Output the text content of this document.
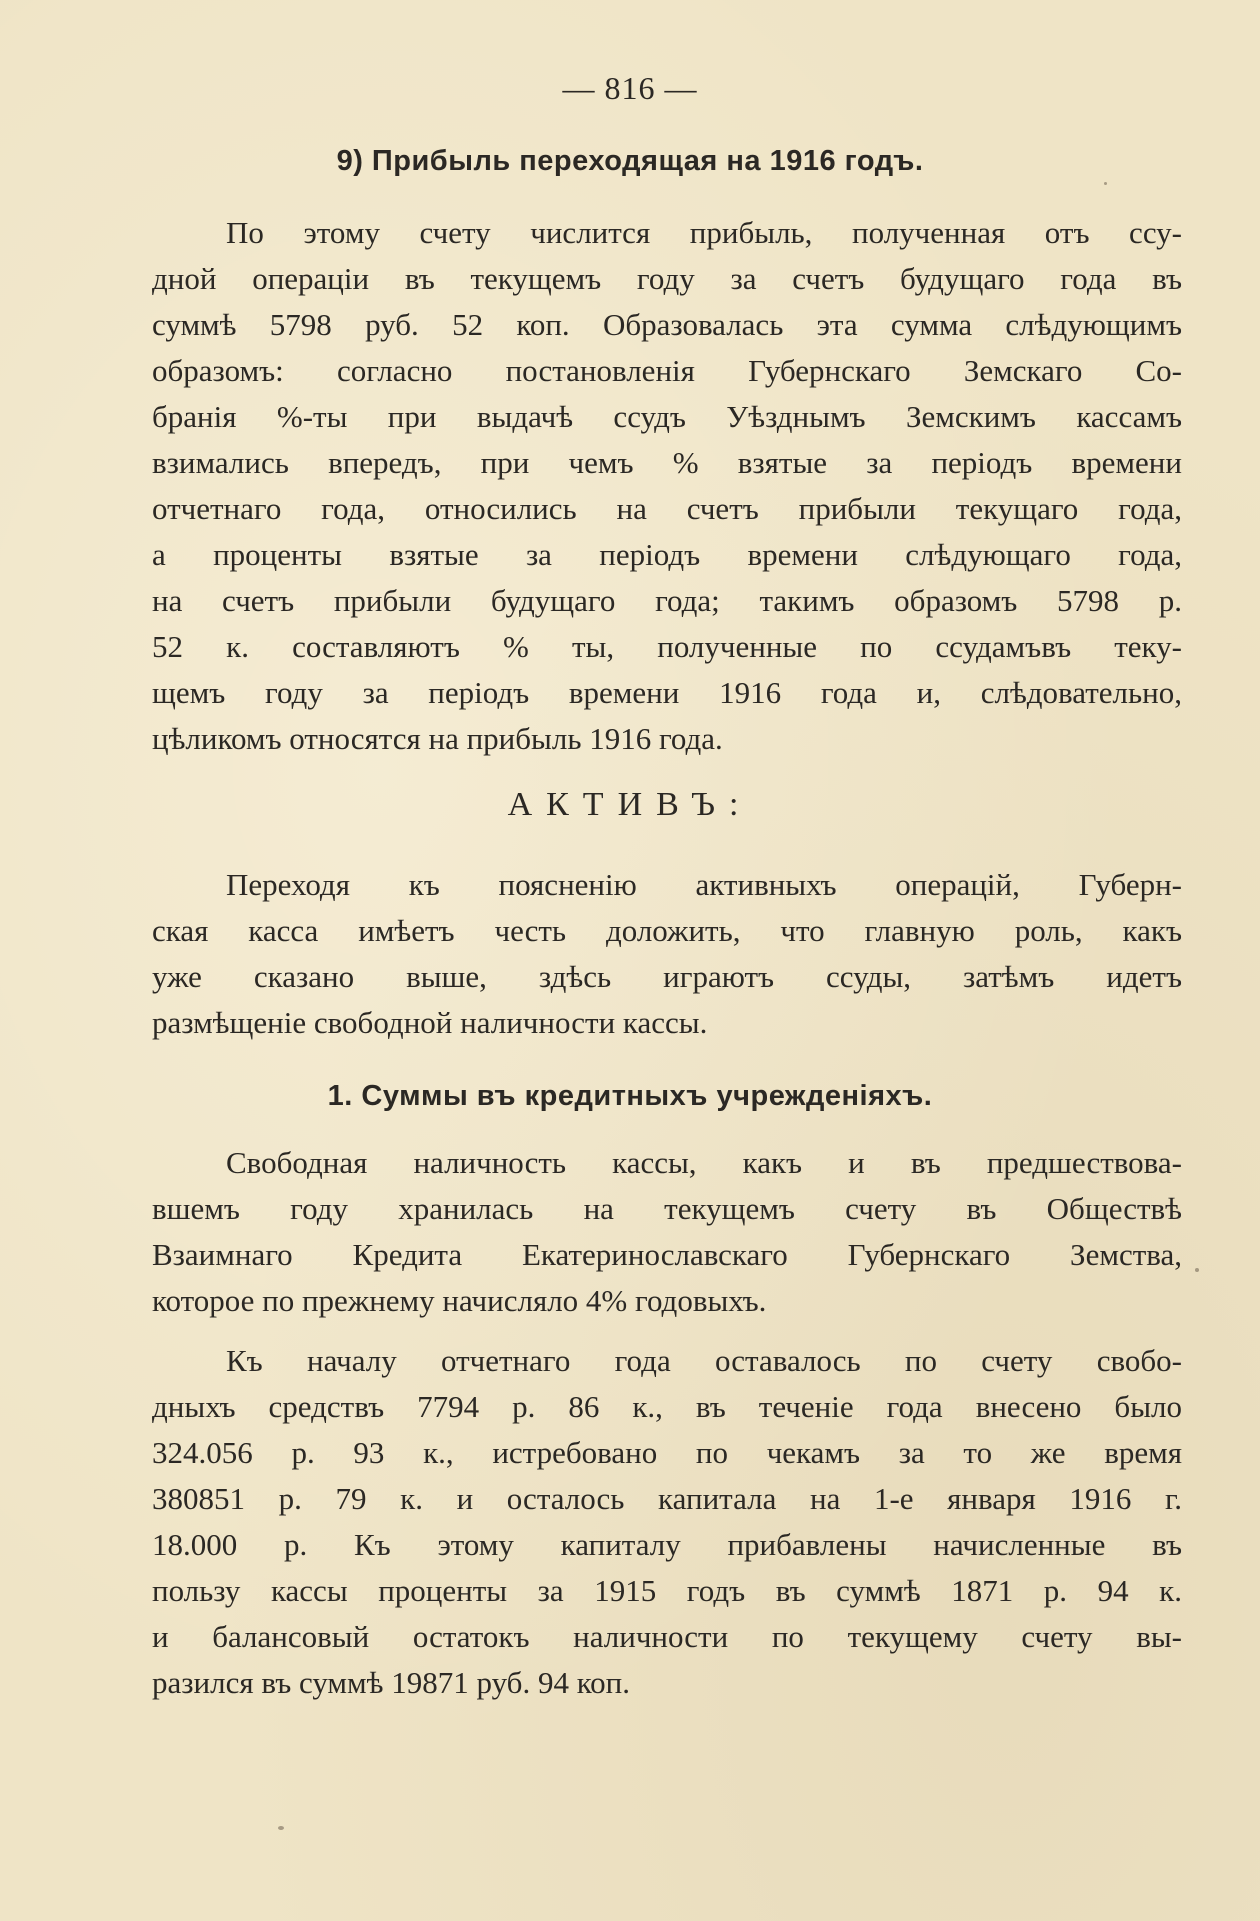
— 816 —
9) Прибыль переходящая на 1916 годъ.
По этому счету числится прибыль, полученная отъ ссу-
дной операціи въ текущемъ году за счетъ будущаго года въ
суммѣ 5798 руб. 52 коп. Образовалась эта сумма слѣдующимъ
образомъ: согласно постановленія Губернскаго Земскаго Со-
бранія %-ты при выдачѣ ссудъ Уѣзднымъ Земскимъ кассамъ
взимались впередъ, при чемъ % взятые за періодъ времени
отчетнаго года, относились на счетъ прибыли текущаго года,
а проценты взятые за періодъ времени слѣдующаго года,
на счетъ прибыли будущаго года; такимъ образомъ 5798 р.
52 к. составляютъ % ты, полученные по ссудамъвъ теку-
щемъ году за періодъ времени 1916 года и, слѣдовательно,
цѣликомъ относятся на прибыль 1916 года.
АКТИВЪ:
Переходя къ поясненію активныхъ операцій, Губерн-
ская касса имѣетъ честь доложить, что главную роль, какъ
уже сказано выше, здѣсь играютъ ссуды, затѣмъ идетъ
размѣщеніе свободной наличности кассы.
1. Суммы въ кредитныхъ учрежденіяхъ.
Свободная наличность кассы, какъ и въ предшествова-
вшемъ году хранилась на текущемъ счету въ Обществѣ
Взаимнаго Кредита Екатеринославскаго Губернскаго Земства,
которое по прежнему начисляло 4% годовыхъ.
Къ началу отчетнаго года оставалось по счету свобо-
дныхъ средствъ 7794 р. 86 к., въ теченіе года внесено было
324.056 р. 93 к., истребовано по чекамъ за то же время
380851 р. 79 к. и осталось капитала на 1-е января 1916 г.
18.000 р. Къ этому капиталу прибавлены начисленные въ
пользу кассы проценты за 1915 годъ въ суммѣ 1871 р. 94 к.
и балансовый остатокъ наличности по текущему счету вы-
разился въ суммѣ 19871 руб. 94 коп.
